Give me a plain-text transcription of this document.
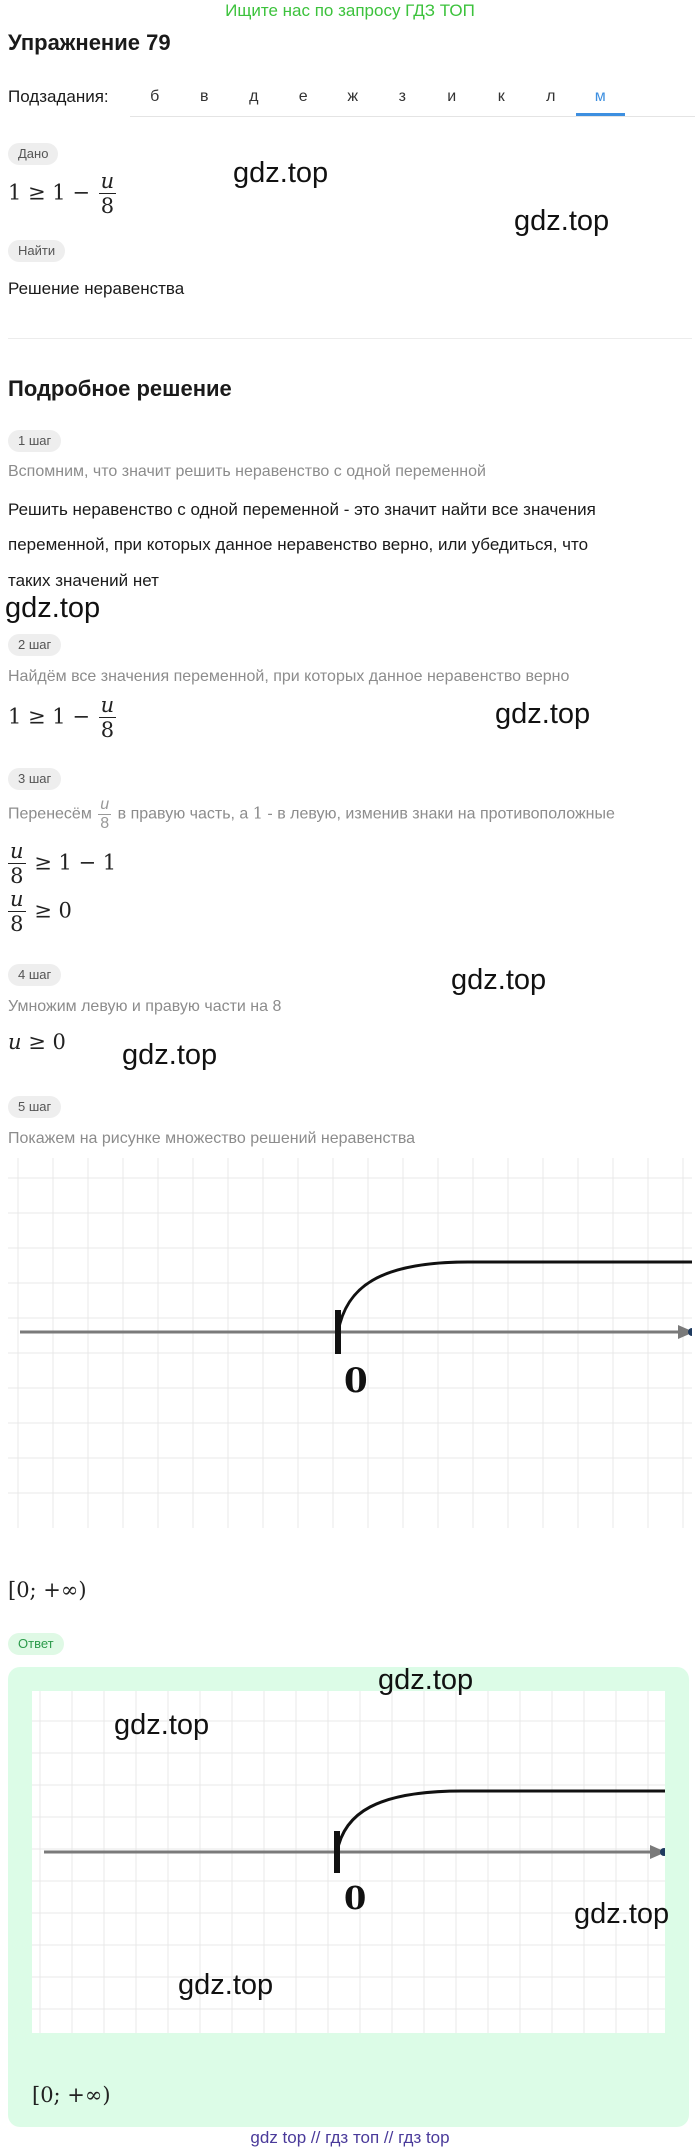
Ищите нас по запросу ГДЗ ТОП
Упражнение 79
Подзадания:	б	в	д	е	ж	з	и	к	л	м
Дано
$1 \ge 1 - \frac{u}{8}$
Найти
Решение неравенства
Подробное решение
1 шаг
Вспомним, что значит решить неравенство с одной переменной
Решить неравенство с одной переменной - это значит найти все значения
переменной, при которых данное неравенство верно, или убедиться, что
таких значений нет
2 шаг
Найдём все значения переменной, при которых данное неравенство верно
$1 \ge 1 - \frac{u}{8}$
3 шаг
Перенесём $\frac{u}{8}$ в правую часть, а 1 - в левую, изменив знаки на противоположные
$\frac{u}{8} \ge 1 - 1$
$\frac{u}{8} \ge 0$
4 шаг
Умножим левую и правую части на 8
u ≥ 0
5 шаг
Покажем на рисунке множество решений неравенства
0
[0; +∞)
Ответ
0
[0; +∞)
gdz.top
gdz.top
gdz.top
gdz.top
gdz.top
gdz.top
gdz.top
gdz.top
gdz.top
gdz.top
gdz top // гдз топ // гдз top
